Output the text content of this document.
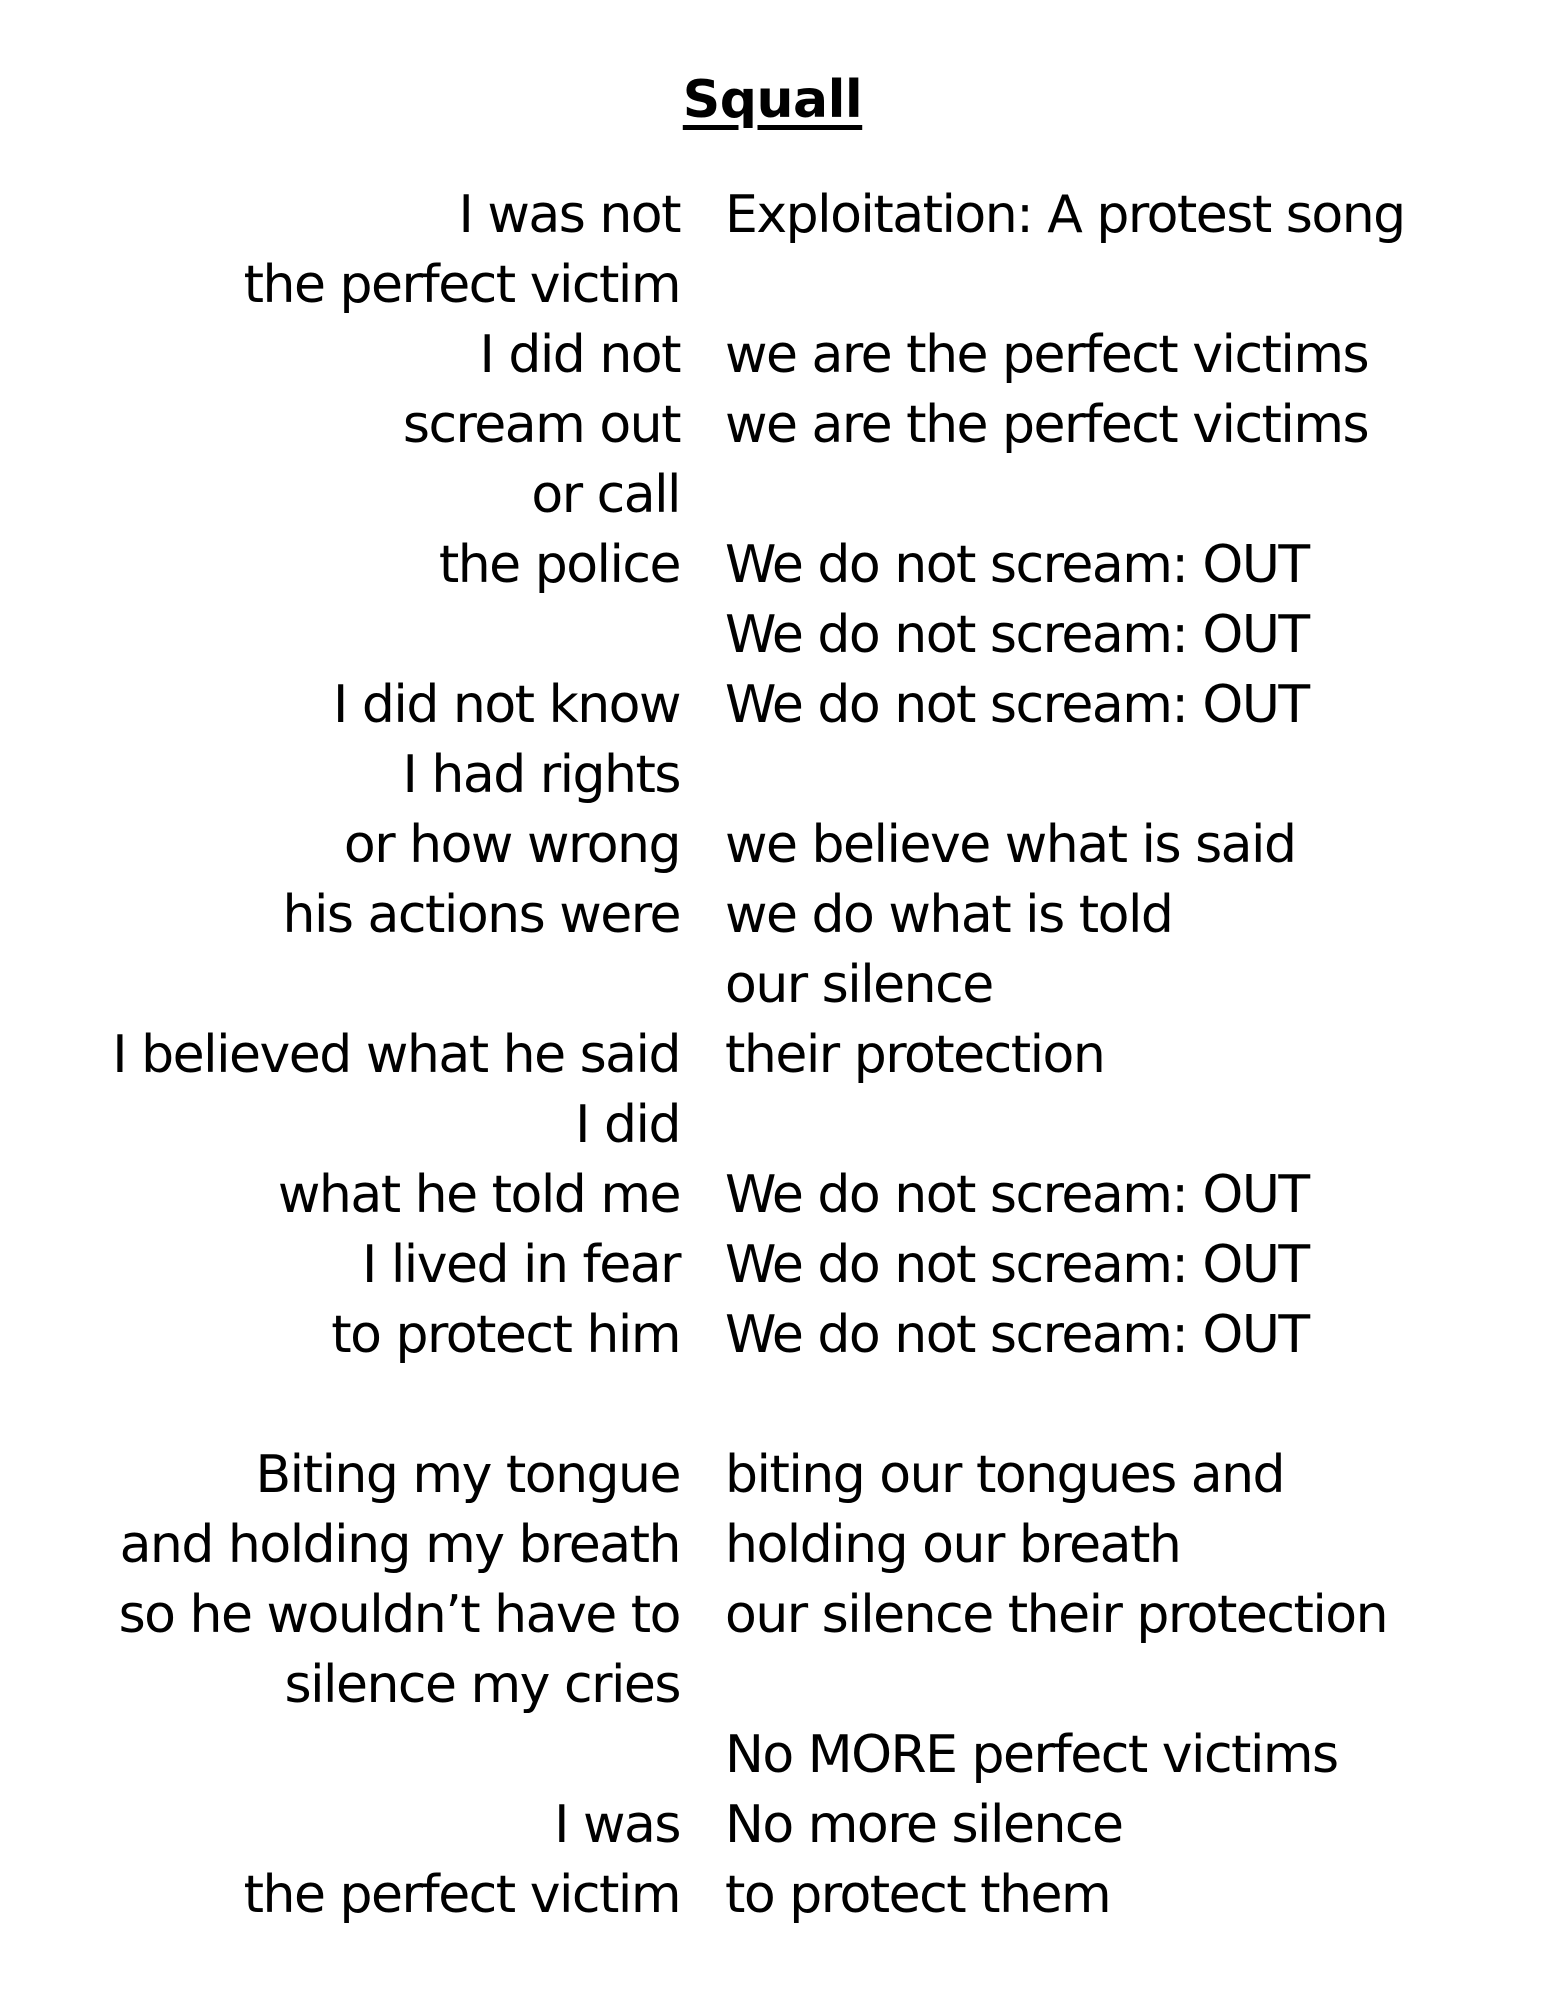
Squall
I was not
the perfect victim
I did not
scream out
or call
the police
I did not know
I had rights
or how wrong
his actions were
I believed what he said
I did
what he told me
I lived in fear
to protect him
Biting my tongue
and holding my breath
so he wouldn’t have to
silence my cries
I was
the perfect victim
Exploitation: A protest song
we are the perfect victims
we are the perfect victims
We do not scream: OUT
We do not scream: OUT
We do not scream: OUT
we believe what is said
we do what is told
our silence
their protection
We do not scream: OUT
We do not scream: OUT
We do not scream: OUT
biting our tongues and
holding our breath
our silence their protection
No MORE perfect victims
No more silence
to protect them
